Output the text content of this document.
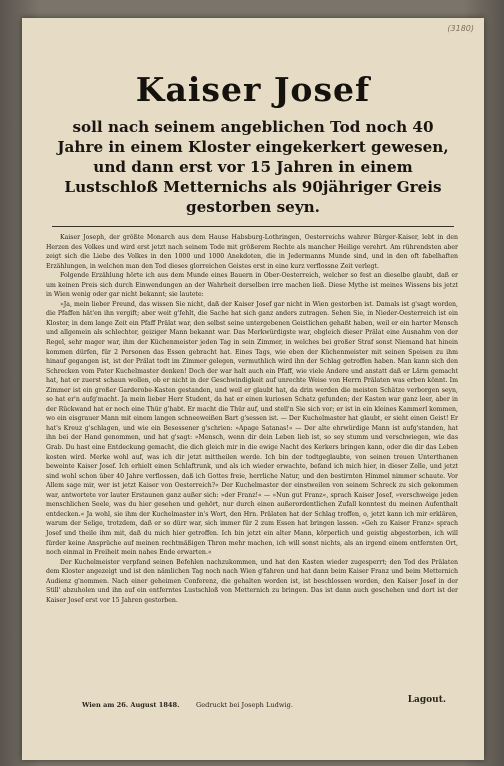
(3180)
Kaiser Josef
soll nach seinem angeblichen Tod noch 40 Jahre in einem Kloster eingekerkert gewesen, und dann erst vor 15 Jahren in einem Lustschloß Metternichs als 90jähriger Greis gestorben seyn.

Kaiser Joseph, der größte Monarch aus dem Hause Habsburg-Lothringen, Oesterreichs wahrer Bürger-Kaiser, lebt in den Herzen des Volkes und wird erst jetzt nach seinem Tode mit größerem Rechte als mancher Heilige verehrt. Am rührendsten aber zeigt sich die Liebe des Volkes in den 1000 und 1000 Anekdoten, die in Jedermanns Munde sind, und in den oft fabelhaften Erzählungen, in welchen man den Tod dieses glorreichen Geistes erst in eine kurz verflossne Zeit verlegt.

Folgende Erzählung hörte ich aus dem Munde eines Bauern in Ober-Oesterreich, welcher so fest an dieselbe glaubt, daß er um keinen Preis sich durch Einwendungen an der Wahrheit derselben irre machen ließ. Diese Mythe ist meines Wissens bis jetzt in Wien wenig oder gar nicht bekannt; sie lautete:

»Ja, mein lieber Freund, das wissen Sie nicht, daß der Kaiser Josef gar nicht in Wien gestorben ist. Damals ist g'sagt worden, die Pfaffen hät'en ihn vergift; aber weit g'fehlt, die Sache hat sich ganz anders zutragen. Sehen Sie, in Nieder-Oesterreich ist ein Kloster, in dem lange Zeit ein Pfaff Prälat war, den selbst seine untergebenen Geistlichen gehaßt haben, weil er ein harter Mensch und allgemein als schlechter, geiziger Mann bekannt war. Das Merkwürdigste war, obgleich dieser Prälat eine Ausnahm von der Regel, sehr mager war, ihm der Küchenmeister jeden Tag in sein Zimmer, in welches bei großer Straf sonst Niemand hat hinein kommen dürfen, für 2 Personen das Essen gebracht hat. Eines Tags, wie eben der Küchenmeister mit seinen Speisen zu ihm hinauf gegangen ist, ist der Prälat todt im Zimmer gelegen, vermuthlich wird ihn der Schlag getroffen haben. Man kann sich den Schrecken vom Pater Kuchelmaster denken! Doch der war halt auch ein Pfaff, wie viele Andere und anstatt daß er Lärm gemacht hat, hat er zuerst schaun wollen, ob er nicht in der Geschwindigkeit auf unrechte Weise von Herrn Prälaten was erben könnt. Im Zimmer ist ein großer Garderobe-Kasten gestanden, und weil er glaubt hat, da drin werden die meisten Schätze verborgen seyn, so hat er'n aufg'macht. Ja mein lieber Herr Student, da hat er einen kuriosen Schatz gefunden; der Kasten war ganz leer, aber in der Rückwand hat er noch eine Thür g'habt. Er macht die Thür auf, und stell'n Sie sich vor; er ist in ein kleines Kammerl kommen, wo ein eisgrauer Mann mit einem langen schneeweißen Bart g'sessen ist. — Der Kuchelmaster hat glaubt, er sieht einen Geist! Er hat's Kreuz g'schlagen, und wie ein Besessener g'schrien: »Apage Satanas!« — Der alte ehrwürdige Mann ist aufg'standen, hat ihn bei der Hand genommen, und hat g'sagt: »Mensch, wenn dir dein Leben lieb ist, so sey stumm und verschwiegen, wie das Grab. Du hast eine Entdeckung gemacht, die dich gleich mir in die ewige Nacht des Kerkers bringen kann, oder die dir das Leben kosten wird. Merke wohl auf, was ich dir jetzt mittheilen werde. Ich bin der todtgeglaubte, von seinen treuen Unterthanen beweinte Kaiser Josef. Ich erhielt einen Schlaftrunk, und als ich wieder erwachte, befand ich mich hier, in dieser Zelle, und jetzt sind wohl schon über 40 Jahre verflossen, daß ich Gottes freie, herrliche Natur, und den bestirnten Himmel nimmer schaute. Vor Allem sage mir, wer ist jetzt Kaiser von Oesterreich?« Der Kuchelmaster der einstweilen von seinem Schreck zu sich gekommen war, antwortete vor lauter Erstaunen ganz außer sich: »der Franz!« — »Nun gut Franz«, sprach Kaiser Josef, »verschweige jeden menschlichen Seele, was du hier gesehen und gehört, nur durch einen außerordentlichen Zufall konntest du meinen Aufenthalt entdecken.« Ja wohl, sie ihm der Kuchelmaster in's Wort, den Hrn. Prälaten hat der Schlag troffen, o, jetzt kann ich mir erklären, warum der Selige, trotzdem, daß er so dürr war, sich immer für 2 zum Essen hat bringen lassen. »Geh zu Kaiser Franz« sprach Josef und theile ihm mit, daß du mich hier getroffen. Ich bin jetzt ein alter Mann, körperlich und geistig abgestorben, ich will fürder keine Ansprüche auf meinen rechtmäßigen Thron mehr machen, ich will sonst nichts, als an irgend einem entfernten Ort, noch einmal in Freiheit mein nahes Ende erwarten.«

Der Kuchelmeister verpfand seinen Befehlen nachzukommen, und hat den Kasten wieder zugesperrt; den Tod des Prälaten dem Kloster angezeigt und ist den nämlichen Tag noch nach Wien g'fahren und hat dann beim Kaiser Franz und beim Metternich Audienz g'nommen. Nach einer geheimen Conferenz, die gehalten worden ist, ist beschlossen worden, den Kaiser Josef in der Still' abzuholen und ihn auf ein entferntes Lustschloß von Metternich zu bringen. Das ist dann auch geschehen und dort ist der Kaiser Josef erst vor 15 Jahren gestorben.

Wien am 26. August 1848.	Gedruckt bei Joseph Ludwig.	Lagout.
